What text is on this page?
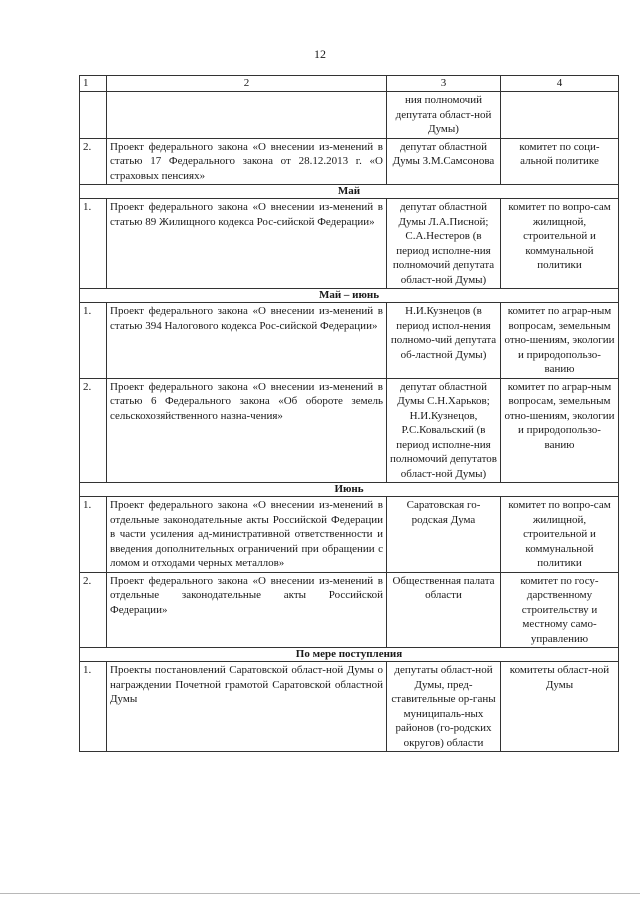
12
1	2	3	4
		ния полномочий депутата област-ной Думы)	
2.	Проект федерального закона «О внесении из-менений в статью 17 Федерального закона от 28.12.2013 г. «О страховых пенсиях»	депутат областной Думы З.М.Самсонова	комитет по соци-альной политике
Май			
1.	Проект федерального закона «О внесении из-менений в статью 89 Жилищного кодекса Рос-сийской Федерации»	депутат областной Думы Л.А.Писной; С.А.Нестеров (в период исполне-ния полномочий депутата област-ной Думы)	комитет по вопро-сам жилищной, строительной и коммунальной политики
Май – июнь			
1.	Проект федерального закона «О внесении из-менений в статью 394 Налогового кодекса Рос-сийской Федерации»	Н.И.Кузнецов (в период испол-нения полномо-чий депутата об-ластной Думы)	комитет по аграр-ным вопросам, земельным отно-шениям, экологии и природопользо-ванию
2.	Проект федерального закона «О внесении из-менений в статью 6 Федерального закона «Об обороте земель сельскохозяйственного назна-чения»	депутат областной Думы С.Н.Харьков; Н.И.Кузнецов, Р.С.Ковальский (в период исполне-ния полномочий депутатов област-ной Думы)	комитет по аграр-ным вопросам, земельным отно-шениям, экологии и природопользо-ванию
Июнь			
1.	Проект федерального закона «О внесении из-менений в отдельные законодательные акты Российской Федерации в части усиления ад-министративной ответственности и введения дополнительных ограничений при обращении с ломом и отходами черных металлов»	Саратовская го-родская Дума	комитет по вопро-сам жилищной, строительной и коммунальной политики
2.	Проект федерального закона «О внесении из-менений в отдельные законодательные акты Российской Федерации»	Общественная палата области	комитет по госу-дарственному строительству и местному само-управлению
По мере поступления			
1.	Проекты постановлений Саратовской област-ной Думы о награждении Почетной грамотой Саратовской областной Думы	депутаты област-ной Думы, пред-ставительные ор-ганы муниципаль-ных районов (го-родских округов) области	комитеты област-ной Думы
